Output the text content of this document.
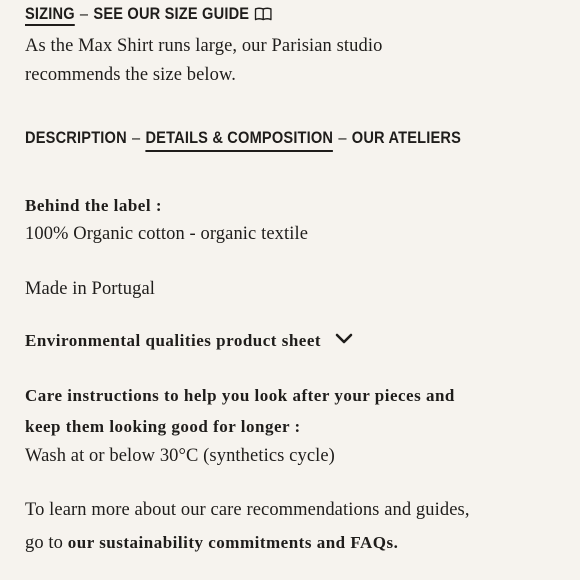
SIZING – SEE OUR SIZE GUIDE
As the Max Shirt runs large, our Parisian studio
recommends the size below.
DESCRIPTION – DETAILS & COMPOSITION – OUR ATELIERS
Behind the label :
100% Organic cotton - organic textile
Made in Portugal
Environmental qualities product sheet
Care instructions to help you look after your pieces and
keep them looking good for longer :
Wash at or below 30°C (synthetics cycle)
To learn more about our care recommendations and guides,
go to our sustainability commitments and FAQs.
